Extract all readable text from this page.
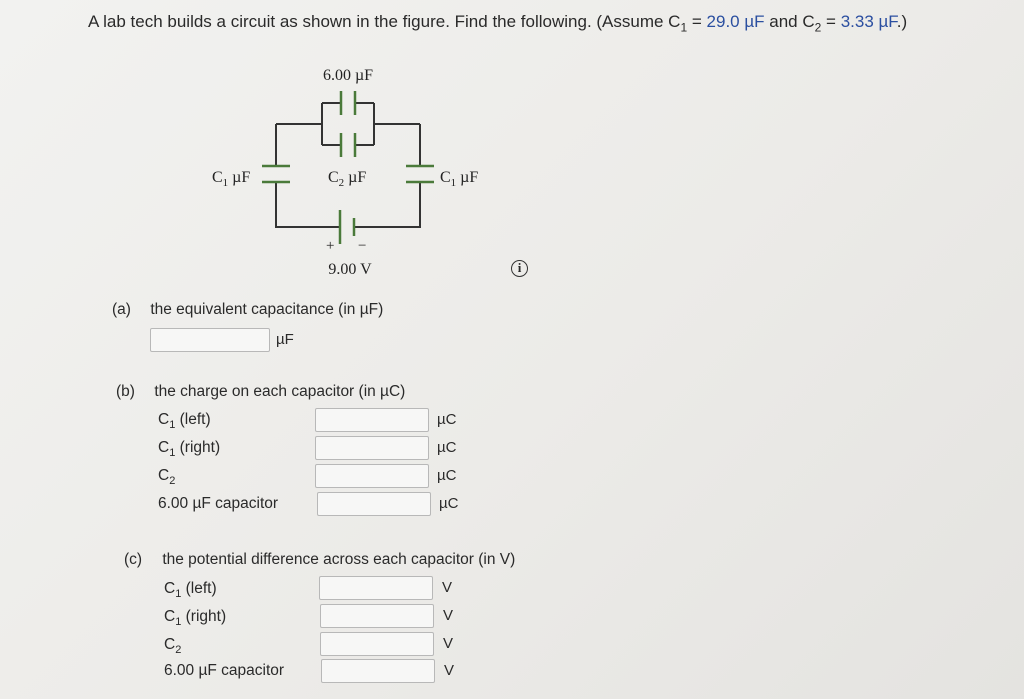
A lab tech builds a circuit as shown in the figure. Find the following. (Assume $C_1 = 29.0$ µF and $C_2 = 3.33$ µF.)
6.00 µF
$C_1$ µF	$C_2$ µF	$C_1$ µF
+ −
9.00 V	i
(a) the equivalent capacitance (in µF)
µF
(b) the charge on each capacitor (in µC)
$C_1$ (left)	µC
$C_1$ (right)	µC
$C_2$	µC
6.00 µF capacitor	µC
(c) the potential difference across each capacitor (in V)
$C_1$ (left)	V
$C_1$ (right)	V
$C_2$	V
6.00 µF capacitor	V
